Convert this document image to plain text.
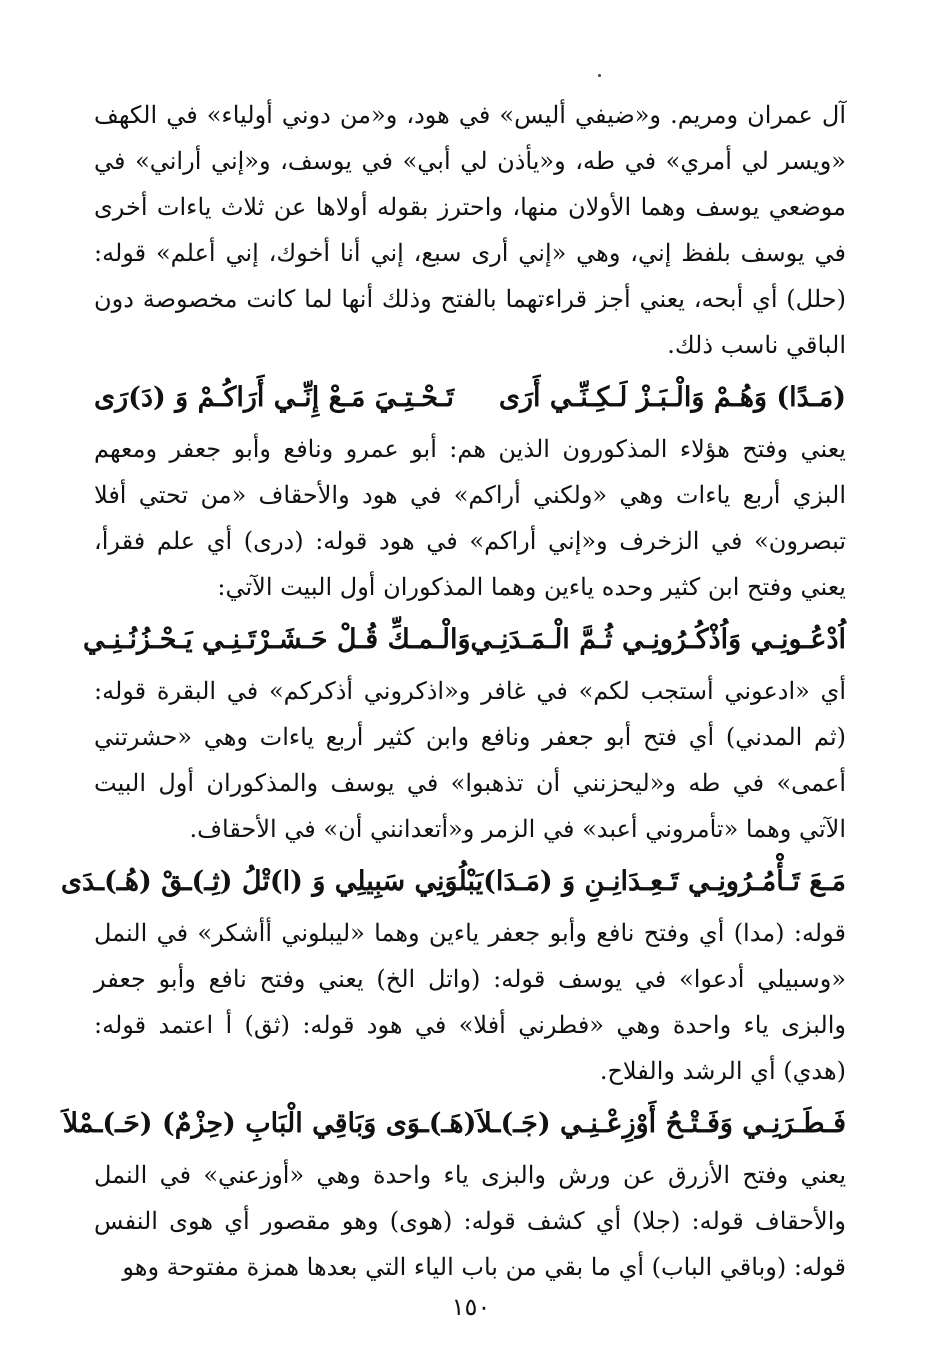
آل عمران ومريم. و«ضيفي أليس» في هود، و«من دوني أولياء» في الكهف «ويسر لي أمري» في طه، و«يأذن لي أبي» في يوسف، و«إني أراني» في موضعي يوسف وهما الأولان منها، واحترز بقوله أولاها عن ثلاث ياءات أخرى في يوسف بلفظ إني، وهي «إني أرى سبع، إني أنا أخوك، إني أعلم» قوله: (حلل) أي أبحه، يعني أجز قراءتهما بالفتح وذلك أنها لما كانت مخصوصة دون الباقي ناسب ذلك.

(مَـدًا) وَهُـمْ وَالْـبَـزْ لَـكِـنِّـي أَرَى
تَـحْـتِـيَ مَـعْ إِنِّـي أَرَاكُـمْ وَ (دَ)رَى

يعني وفتح هؤلاء المذكورون الذين هم: أبو عمرو ونافع وأبو جعفر ومعهم البزي أربع ياءات وهي «ولكني أراكم» في هود والأحقاف «من تحتي أفلا تبصرون» في الزخرف و«إني أراكم» في هود قوله: (درى) أي علم فقرأ، يعني وفتح ابن كثير وحده ياءين وهما المذكوران أول البيت الآتي:

اُدْعُـونِـي وَاُذْكُـرُونِـي ثُـمَّ الْـمَـدَنِـي
وَالْـمـكِّ قُـلْ حَـشَـرْتَـنِـي يَـحْـزُنُـنِـي

أي «ادعوني أستجب لكم» في غافر و«اذكروني أذكركم» في البقرة قوله: (ثم المدني) أي فتح أبو جعفر ونافع وابن كثير أربع ياءات وهي «حشرتني أعمى» في طه و«ليحزنني أن تذهبوا» في يوسف والمذكوران أول البيت الآتي وهما «تأمروني أعبد» في الزمر و«أتعدانني أن» في الأحقاف.

مَـعَ تَـأْمُـرُونِـي تَـعِـدَانِـنِ وَ (مَـدَا)
يَبْلُوَنِي سَبِيلِي وَ (ا)تْلُ (ثِـ)ـقْ (هُـ)ـدَى

قوله: (مدا) أي وفتح نافع وأبو جعفر ياءين وهما «ليبلوني أأشكر» في النمل «وسبيلي أدعوا» في يوسف قوله: (واتل الخ) يعني وفتح نافع وأبو جعفر والبزى ياء واحدة وهي «فطرني أفلا» في هود قوله: (ثق) أ اعتمد قوله: (هدي) أي الرشد والفلاح.

فَـطَـرَنِـي وَفَـتْـحُ أَوْزِعْـنِـي (جَـ)ـلاَ
(هَـ)ـوَى وَبَاقِي الْبَابِ (حِزْمٌ) (حَـ)ـمْلاَ

يعني وفتح الأزرق عن ورش والبزى ياء واحدة وهي «أوزعني» في النمل والأحقاف قوله: (جلا) أي كشف قوله: (هوى) وهو مقصور أي هوى النفس قوله: (وباقي الباب) أي ما بقي من باب الياء التي بعدها همزة مفتوحة وهو

١٥٠
